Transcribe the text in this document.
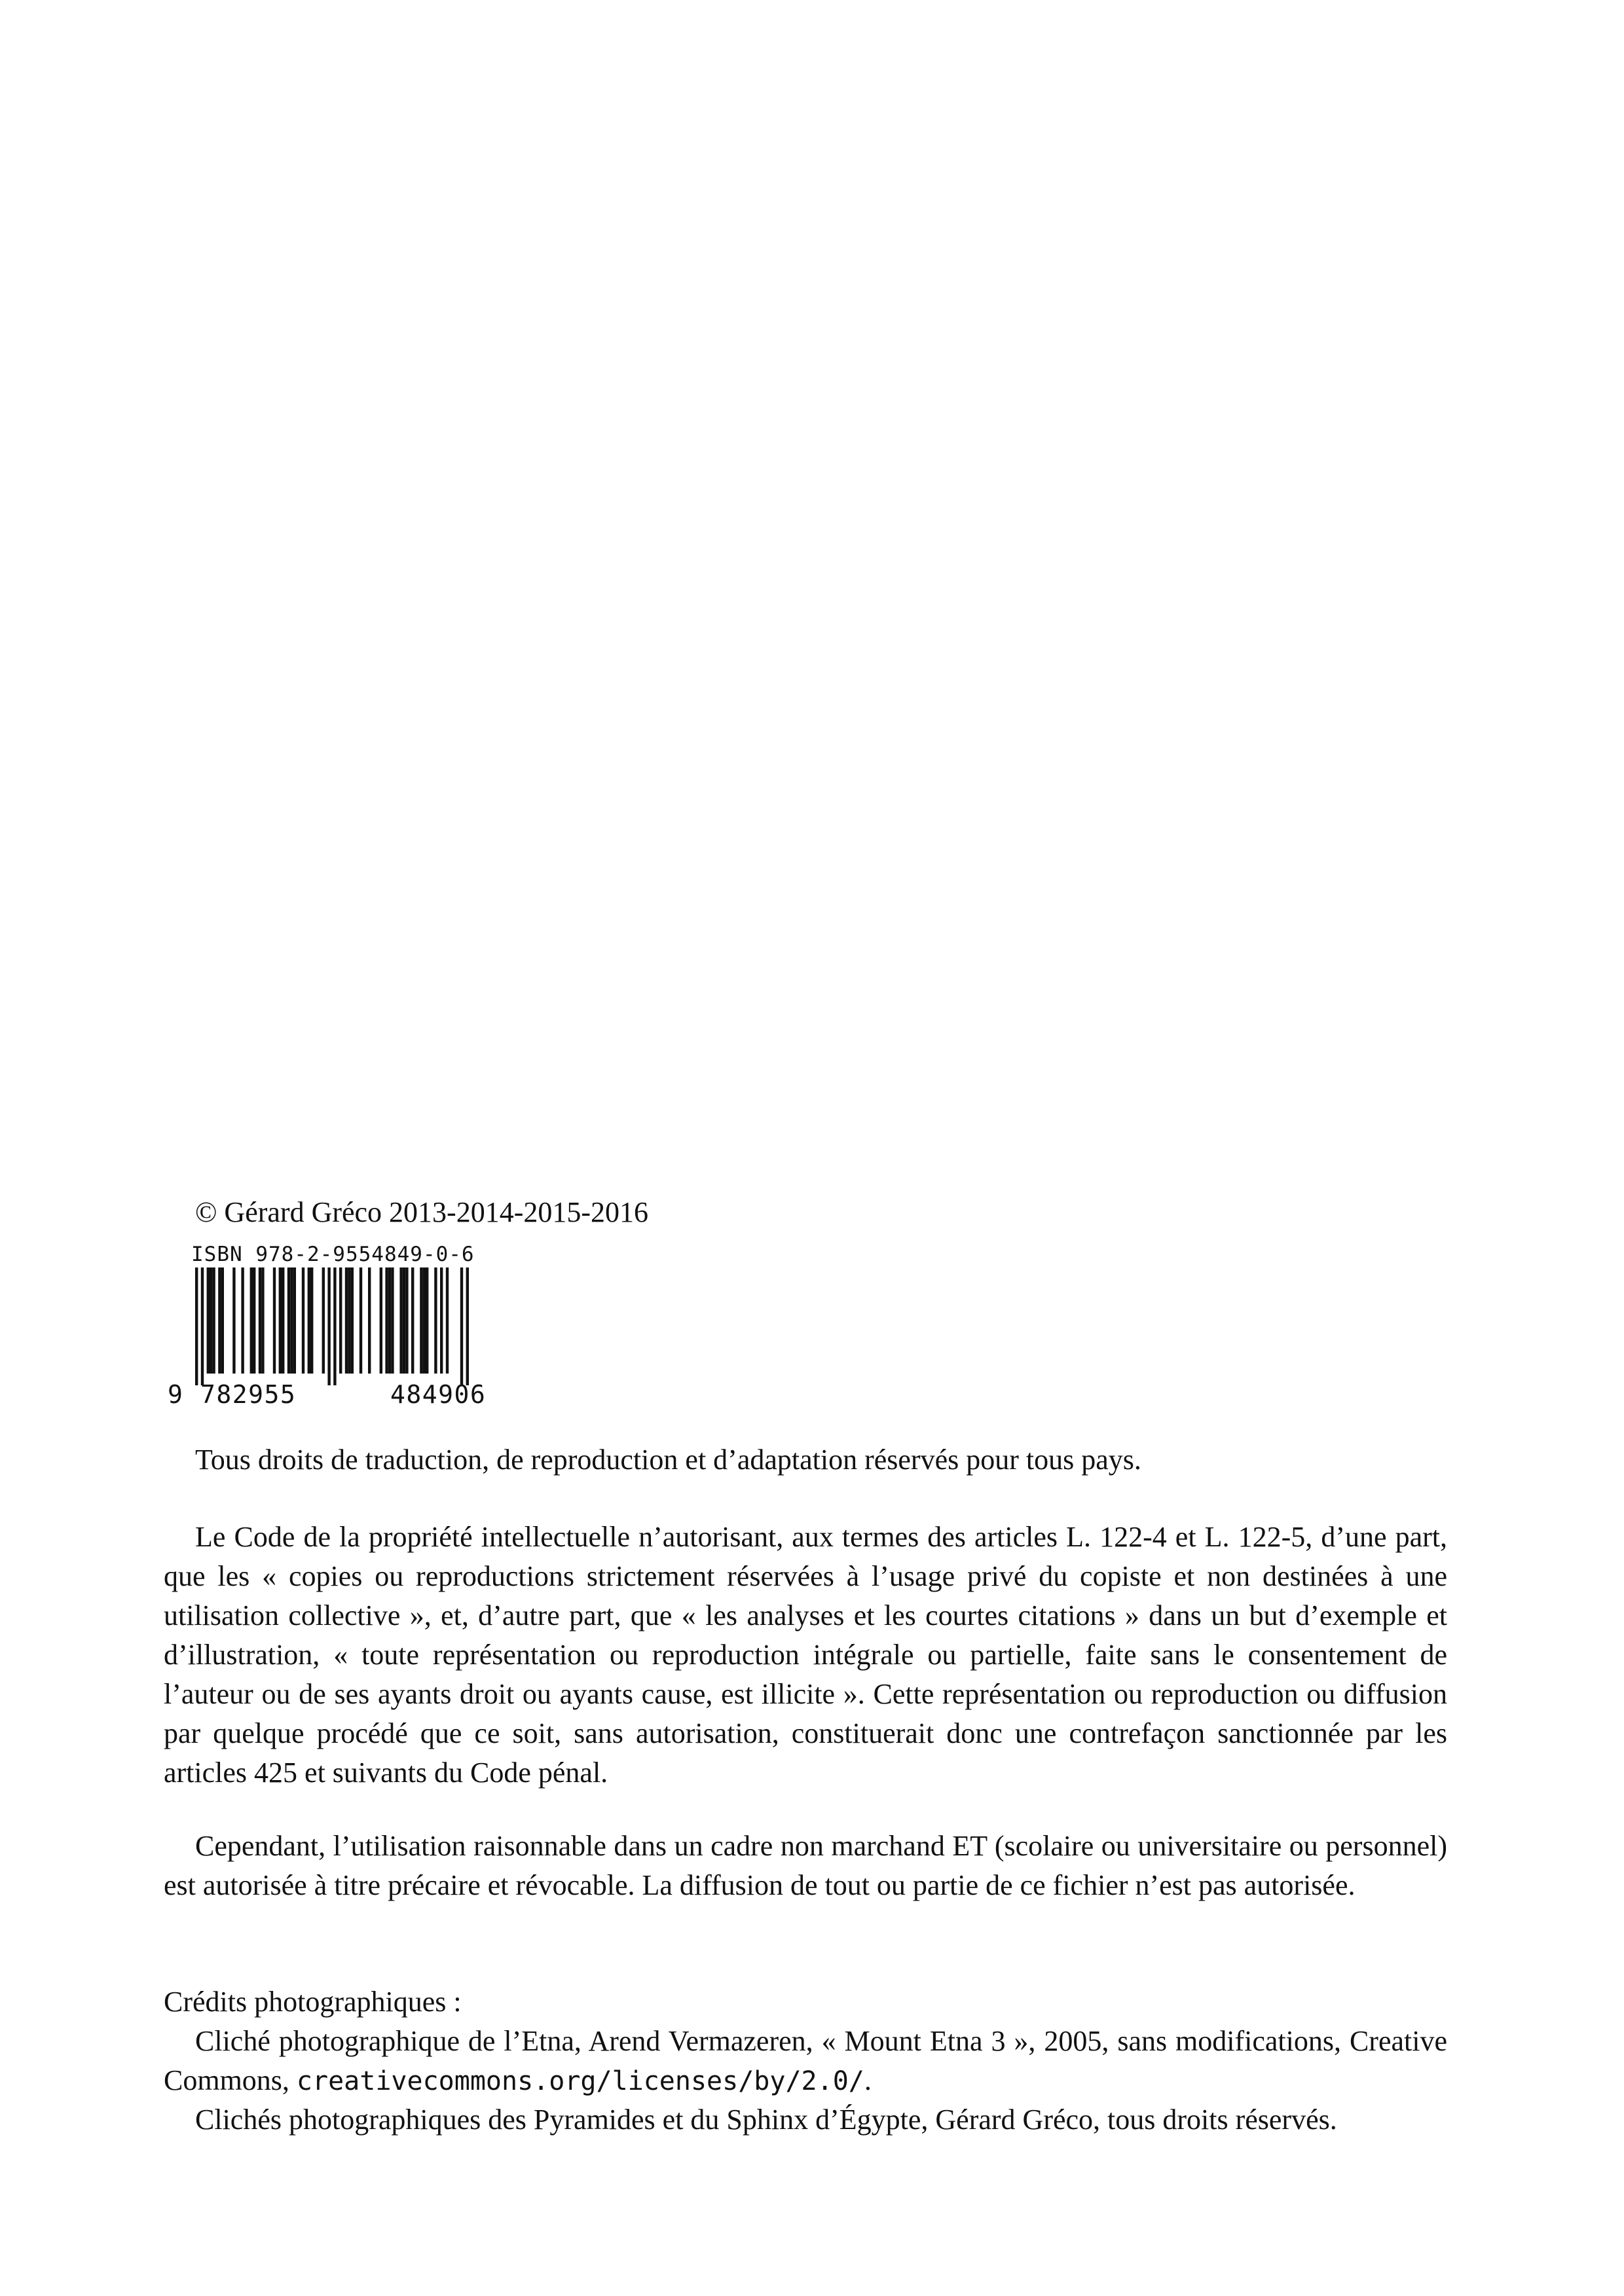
© Gérard Gréco 2013-2014-2015-2016
ISBN 978-2-9554849-0-6
9 782955	484906

Tous droits de traduction, de reproduction et d’adaptation réservés pour tous pays.

Le Code de la propriété intellectuelle n’autorisant, aux termes des articles L. 122-4 et L. 122-5, d’une part, que les « copies ou reproductions strictement réservées à l’usage privé du copiste et non destinées à une utilisation collective », et, d’autre part, que « les analyses et les courtes citations » dans un but d’exemple et d’illustration, « toute représentation ou reproduction intégrale ou partielle, faite sans le consentement de l’auteur ou de ses ayants droit ou ayants cause, est illicite ». Cette représentation ou reproduction ou diffusion par quelque procédé que ce soit, sans autorisation, constituerait donc une contrefaçon sanctionnée par les articles 425 et suivants du Code pénal.

Cependant, l’utilisation raisonnable dans un cadre non marchand ET (scolaire ou universitaire ou personnel) est autorisée à titre précaire et révocable. La diffusion de tout ou partie de ce fichier n’est pas autorisée.

Crédits photographiques :

Cliché photographique de l’Etna, Arend Vermazeren, « Mount Etna 3 », 2005, sans modifications, Creative Commons, creativecommons.org/licenses/by/2.0/.

Clichés photographiques des Pyramides et du Sphinx d’Égypte, Gérard Gréco, tous droits réservés.
